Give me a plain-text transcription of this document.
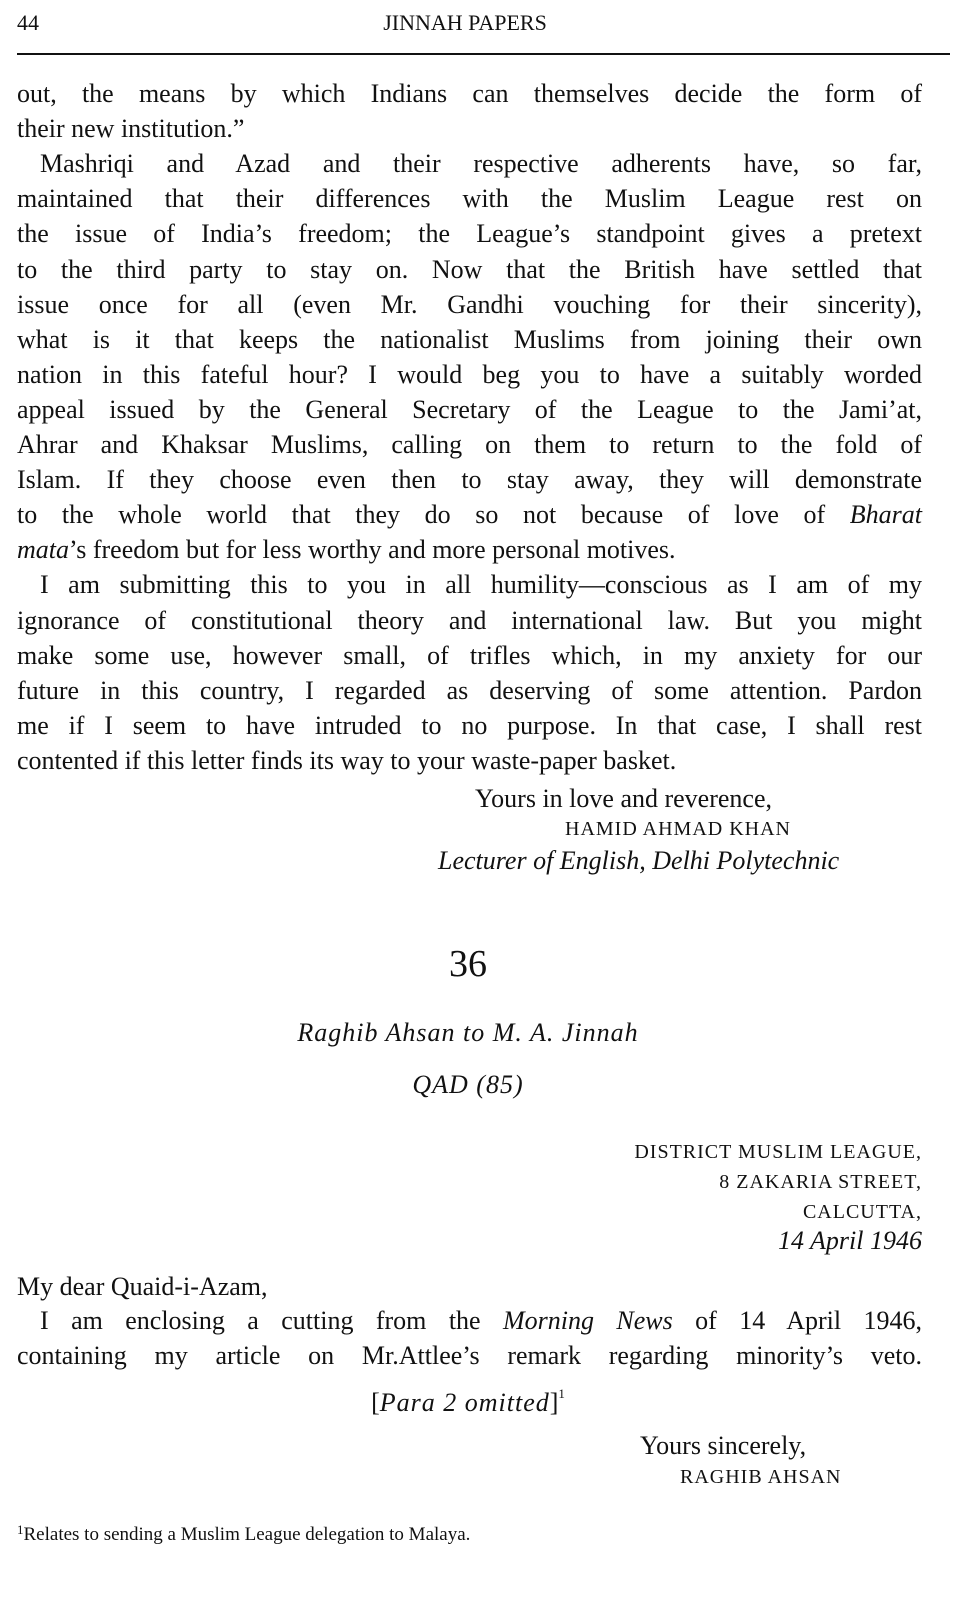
44	JINNAH PAPERS
out, the means by which Indians can themselves decide the form of
their new institution.”
Mashriqi and Azad and their respective adherents have, so far,
maintained that their differences with the Muslim League rest on
the issue of India’s freedom; the League’s standpoint gives a pretext
to the third party to stay on. Now that the British have settled that
issue once for all (even Mr. Gandhi vouching for their sincerity),
what is it that keeps the nationalist Muslims from joining their own
nation in this fateful hour? I would beg you to have a suitably worded
appeal issued by the General Secretary of the League to the Jami’at,
Ahrar and Khaksar Muslims, calling on them to return to the fold of
Islam. If they choose even then to stay away, they will demonstrate
to the whole world that they do so not because of love of Bharat
mata’s freedom but for less worthy and more personal motives.
I am submitting this to you in all humility—conscious as I am of my
ignorance of constitutional theory and international law. But you might
make some use, however small, of trifles which, in my anxiety for our
future in this country, I regarded as deserving of some attention. Pardon
me if I seem to have intruded to no purpose. In that case, I shall rest
contented if this letter finds its way to your waste-paper basket.
Yours in love and reverence,
HAMID AHMAD KHAN
Lecturer of English, Delhi Polytechnic
36
Raghib Ahsan to M. A. Jinnah
QAD (85)
DISTRICT MUSLIM LEAGUE,
8 ZAKARIA STREET,
CALCUTTA,
14 April 1946
My dear Quaid-i-Azam,
I am enclosing a cutting from the Morning News of 14 April 1946,
containing my article on Mr.Attlee’s remark regarding minority’s veto.
[Para 2 omitted]$^1$
Yours sincerely,
RAGHIB AHSAN
$^1$Relates to sending a Muslim League delegation to Malaya.
